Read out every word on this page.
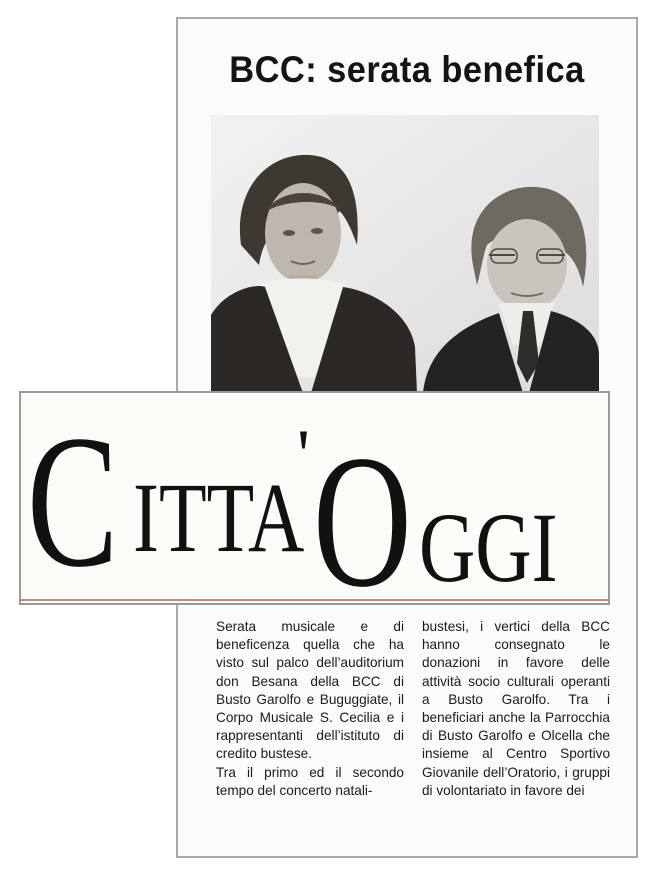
BCC: serata benefica
C ITTA
' O GGI

Serata musicale e di beneficenza quella che ha visto sul palco dell’auditorium don Besana della BCC di Busto Garolfo e Buguggiate, il Corpo Musicale S. Cecilia e i rappresentanti dell’istituto di credito bustese.

Tra il primo ed il secondo tempo del concerto natali-

bustesi, i vertici della BCC hanno consegnato le donazioni in favore delle attività socio culturali operanti a Busto Garolfo. Tra i beneficiari anche la Parrocchia di Busto Garolfo e Olcella che insieme al Centro Sportivo Giovanile dell’Oratorio, i gruppi di volontariato in favore dei
